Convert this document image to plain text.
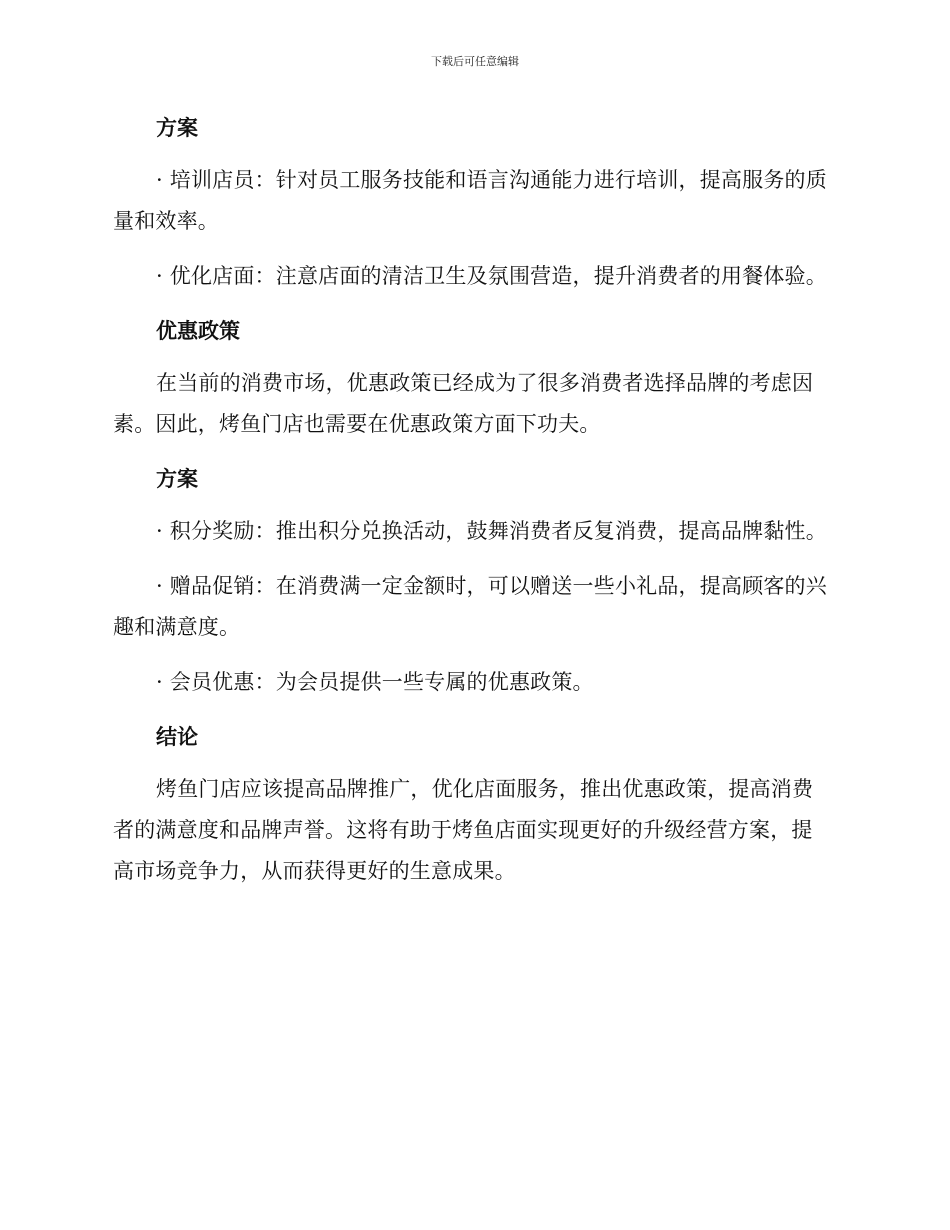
下载后可任意编辑
方案

· 培训店员：针对员工服务技能和语言沟通能力进行培训，提高服务的质量和效率。

· 优化店面：注意店面的清洁卫生及氛围营造，提升消费者的用餐体验。

优惠政策

在当前的消费市场，优惠政策已经成为了很多消费者选择品牌的考虑因素。因此，烤鱼门店也需要在优惠政策方面下功夫。

方案

· 积分奖励：推出积分兑换活动，鼓舞消费者反复消费，提高品牌黏性。

· 赠品促销：在消费满一定金额时，可以赠送一些小礼品，提高顾客的兴趣和满意度。

· 会员优惠：为会员提供一些专属的优惠政策。

结论

烤鱼门店应该提高品牌推广，优化店面服务，推出优惠政策，提高消费者的满意度和品牌声誉。这将有助于烤鱼店面实现更好的升级经营方案，提高市场竞争力，从而获得更好的生意成果。
